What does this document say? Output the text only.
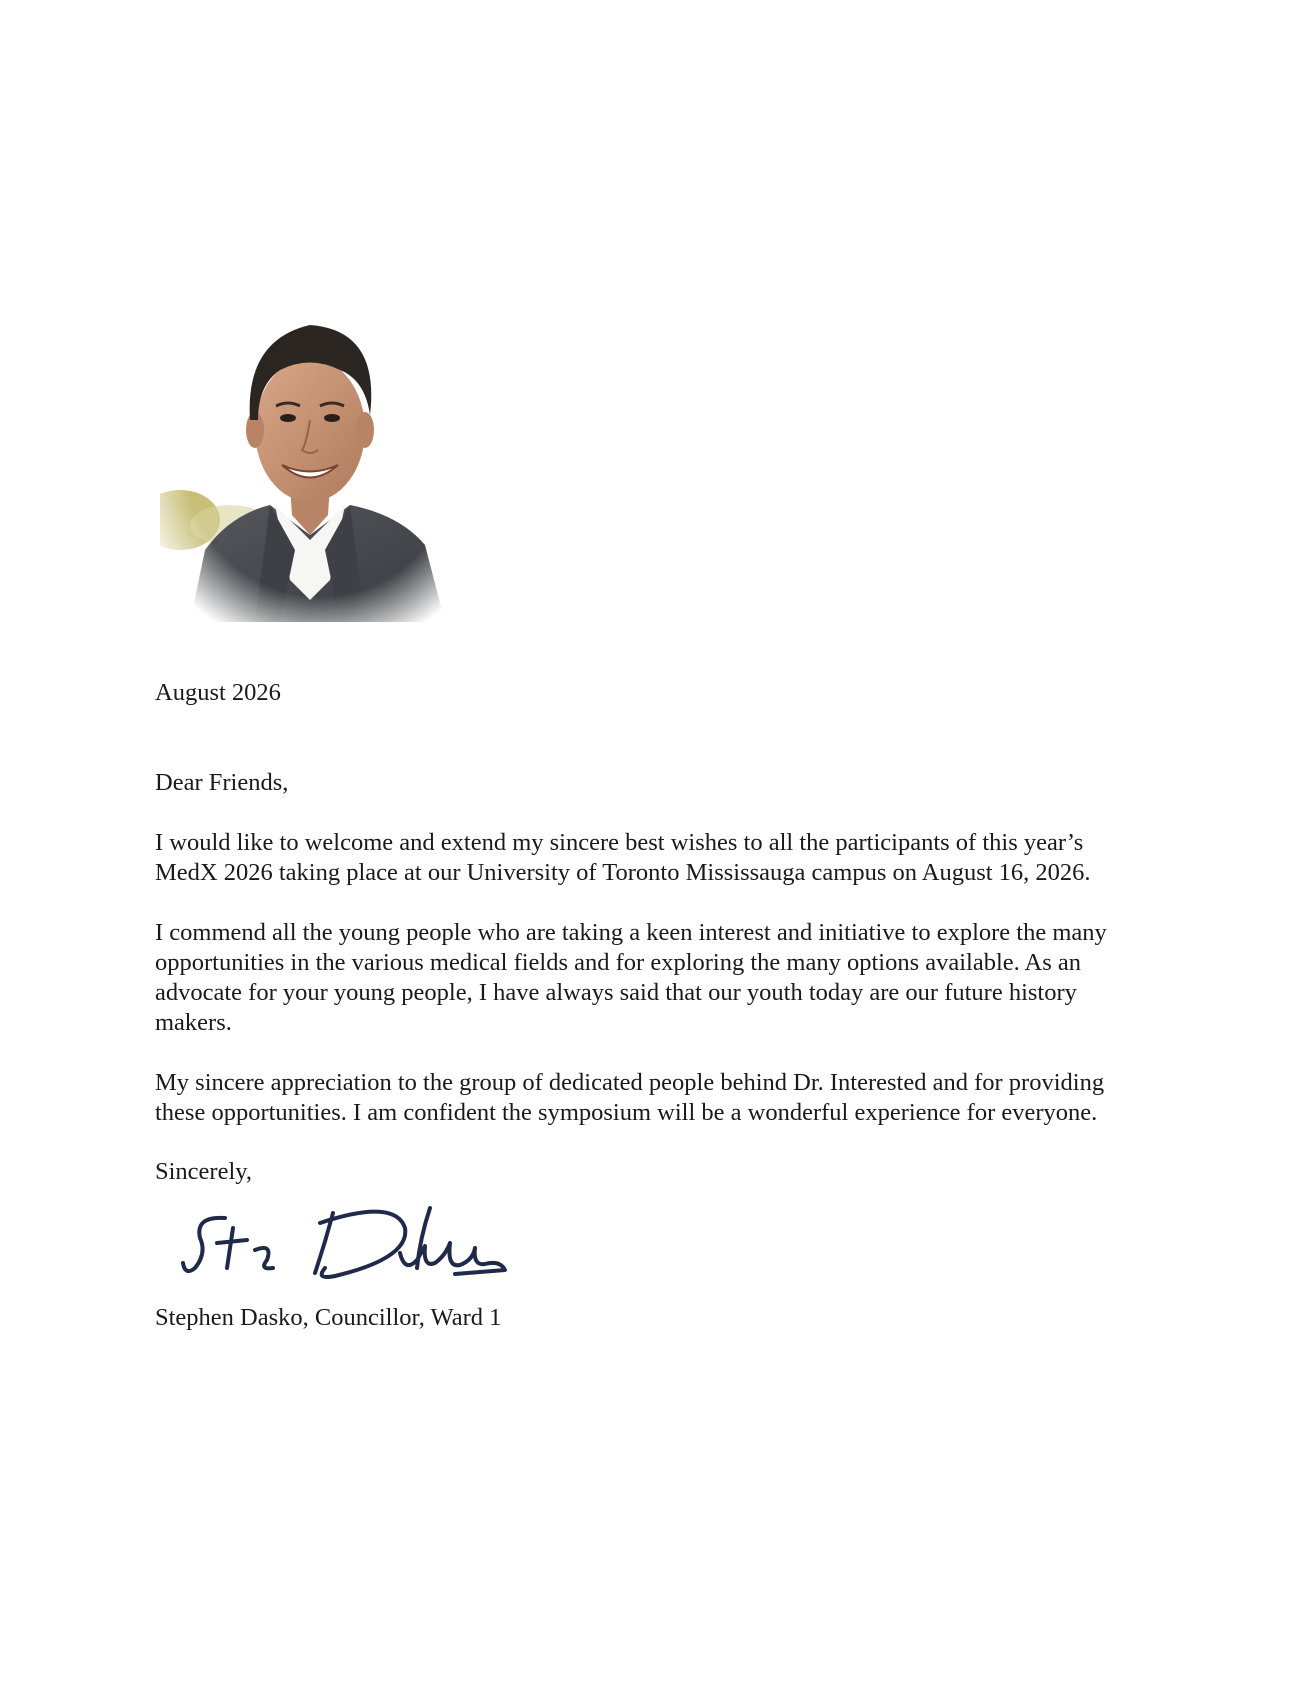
August 2026

Dear Friends,

I would like to welcome and extend my sincere best wishes to all the participants of this year’s
MedX 2026 taking place at our University of Toronto Mississauga campus on August 16, 2026.
I commend all the young people who are taking a keen interest and initiative to explore the many
opportunities in the various medical fields and for exploring the many options available. As an
advocate for your young people, I have always said that our youth today are our future history
makers.
My sincere appreciation to the group of dedicated people behind Dr. Interested and for providing
these opportunities. I am confident the symposium will be a wonderful experience for everyone.

Sincerely,

Stephen Dasko, Councillor, Ward 1
